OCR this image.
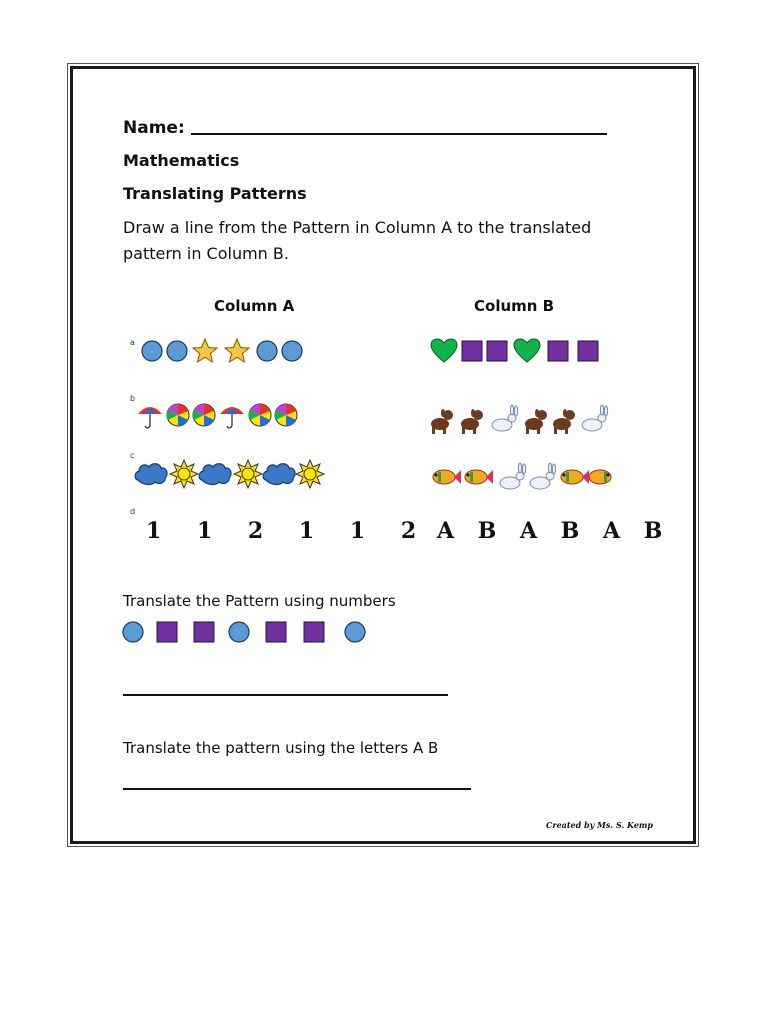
Name:
Mathematics
Translating Patterns
Draw a line from the Pattern in Column A to the translated pattern in Column B.
Column A	Column B
a
b
c
d
1 1 2 1 1 2 A B A B A B
Translate the Pattern using numbers
Translate the pattern using the letters A B
Created by Ms. S. Kemp
